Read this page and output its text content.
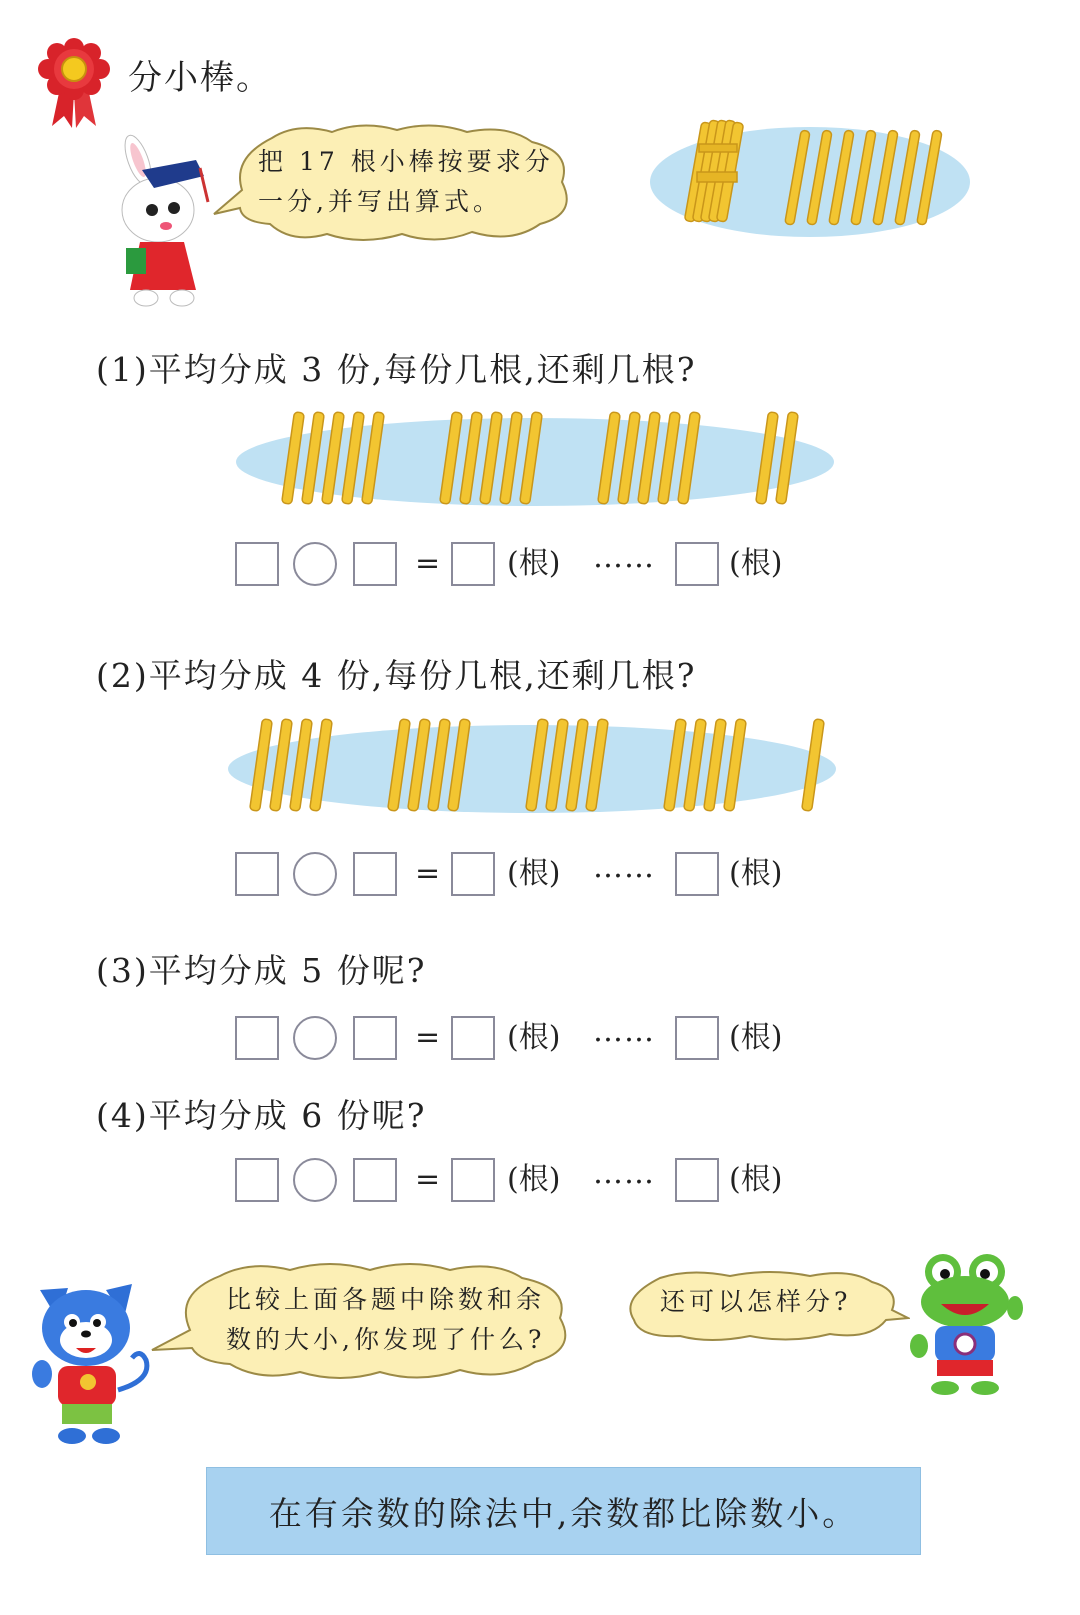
分小棒。
把 17 根小棒按要求分
一分,并写出算式。
(1)平均分成 3 份,每份几根,还剩几根?
= (根) …… (根)
(2)平均分成 4 份,每份几根,还剩几根?
= (根) …… (根)
(3)平均分成 5 份呢?
= (根) …… (根)
(4)平均分成 6 份呢?
= (根) …… (根)
比较上面各题中除数和余
数的大小,你发现了什么?
还可以怎样分?
在有余数的除法中,余数都比除数小。
